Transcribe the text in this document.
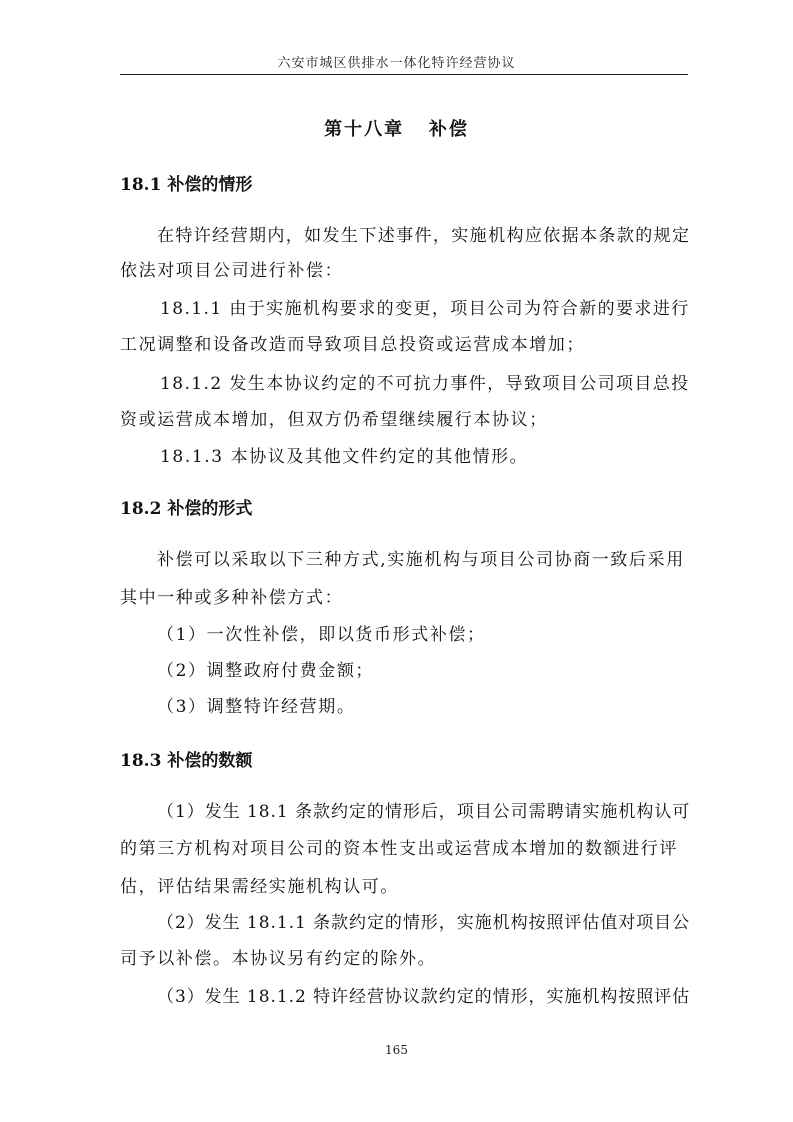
六安市城区供排水一体化特许经营协议
第十八章   补偿
18.1 补偿的情形
在特许经营期内，如发生下述事件，实施机构应依据本条款的规定
依法对项目公司进行补偿：
18.1.1 由于实施机构要求的变更，项目公司为符合新的要求进行
工况调整和设备改造而导致项目总投资或运营成本增加；
18.1.2 发生本协议约定的不可抗力事件，导致项目公司项目总投
资或运营成本增加，但双方仍希望继续履行本协议；
18.1.3 本协议及其他文件约定的其他情形。
18.2 补偿的形式
补偿可以采取以下三种方式,实施机构与项目公司协商一致后采用
其中一种或多种补偿方式：
（1）一次性补偿，即以货币形式补偿；
（2）调整政府付费金额；
（3）调整特许经营期。
18.3 补偿的数额
（1）发生 18.1 条款约定的情形后，项目公司需聘请实施机构认可
的第三方机构对项目公司的资本性支出或运营成本增加的数额进行评
估，评估结果需经实施机构认可。
（2）发生 18.1.1 条款约定的情形，实施机构按照评估值对项目公
司予以补偿。本协议另有约定的除外。
（3）发生 18.1.2 特许经营协议款约定的情形，实施机构按照评估
165
